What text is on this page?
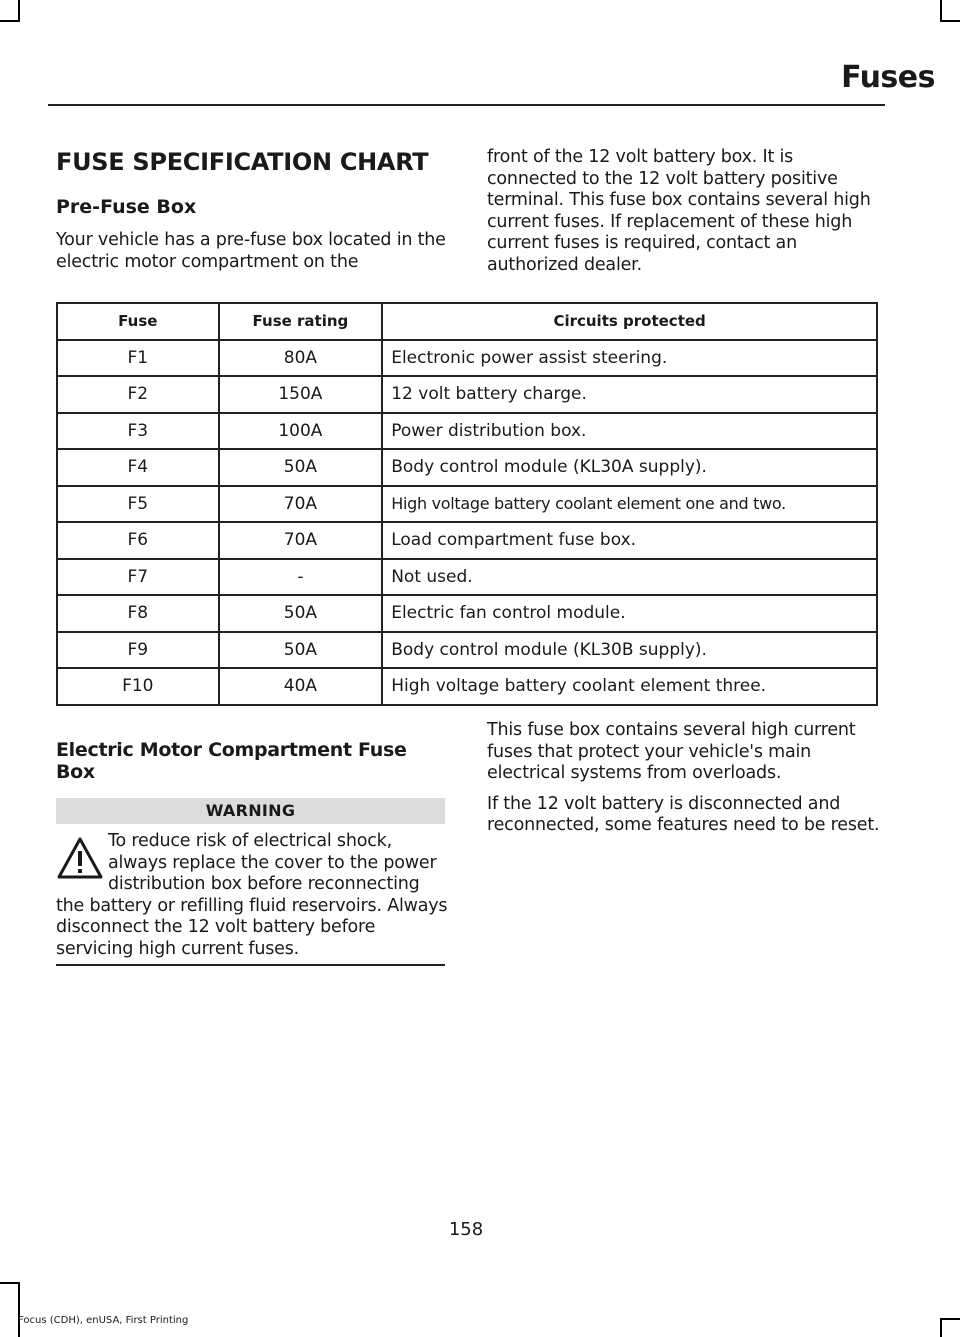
Fuses
FUSE SPECIFICATION CHART
Pre-Fuse Box
Your vehicle has a pre-fuse box located in the electric motor compartment on the
front of the 12 volt battery box. It is connected to the 12 volt battery positive terminal. This fuse box contains several high current fuses. If replacement of these high current fuses is required, contact an authorized dealer.
Fuse	Fuse rating	Circuits protected
F1	80A	Electronic power assist steering.
F2	150A	12 volt battery charge.
F3	100A	Power distribution box.
F4	50A	Body control module (KL30A supply).
F5	70A	High voltage battery coolant element one and two.
F6	70A	Load compartment fuse box.
F7	-	Not used.
F8	50A	Electric fan control module.
F9	50A	Body control module (KL30B supply).
F10	40A	High voltage battery coolant element three.
Electric Motor Compartment Fuse Box
WARNING
To reduce risk of electrical shock, always replace the cover to the power distribution box before reconnecting the battery or refilling fluid reservoirs. Always disconnect the 12 volt battery before servicing high current fuses.
This fuse box contains several high current fuses that protect your vehicle's main electrical systems from overloads.
If the 12 volt battery is disconnected and reconnected, some features need to be reset.
158
Focus (CDH), enUSA, First Printing
